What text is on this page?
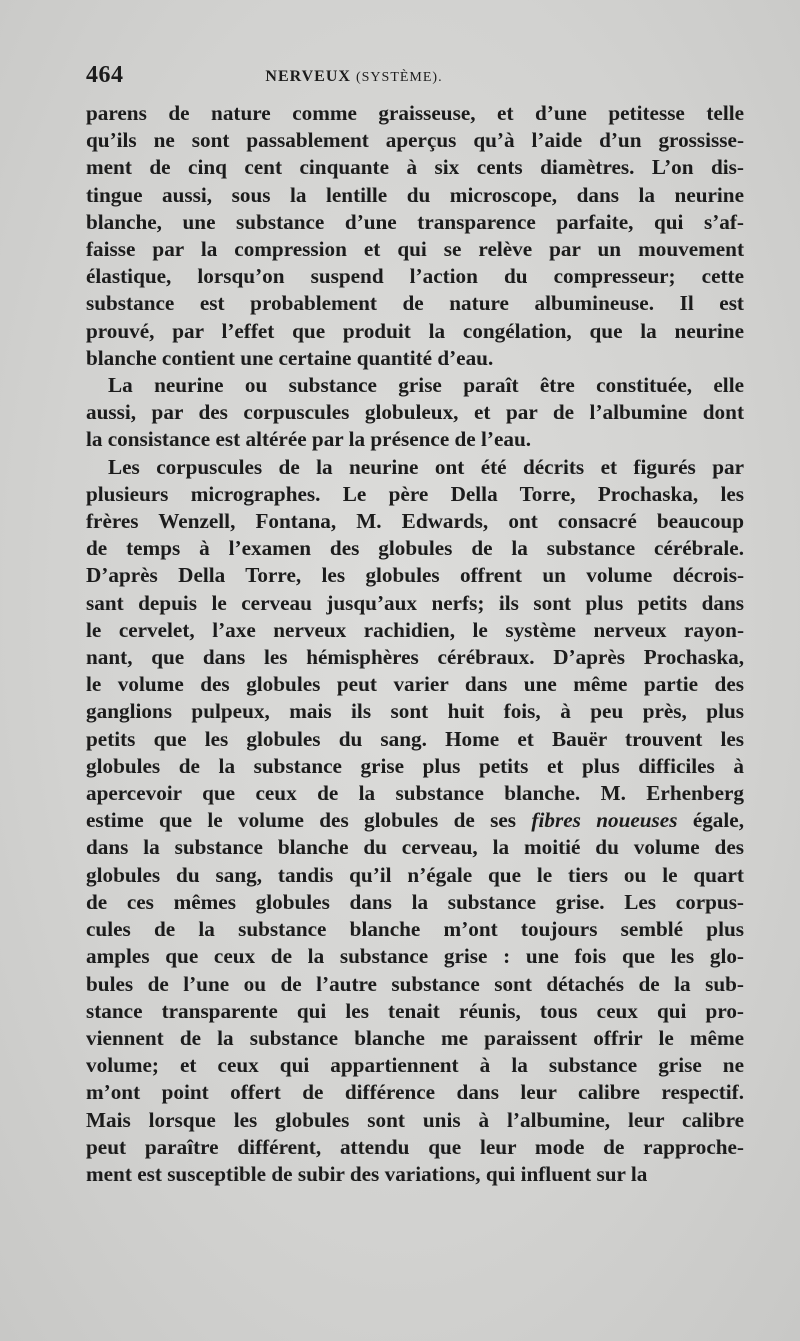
464	NERVEUX (SYSTÈME).

parens de nature comme graisseuse, et d’une petitesse telle
qu’ils ne sont passablement aperçus qu’à l’aide d’un grossisse-
ment de cinq cent cinquante à six cents diamètres. L’on dis-
tingue aussi, sous la lentille du microscope, dans la neurine
blanche, une substance d’une transparence parfaite, qui s’af-
faisse par la compression et qui se relève par un mouvement
élastique, lorsqu’on suspend l’action du compresseur; cette
substance est probablement de nature albumineuse. Il est
prouvé, par l’effet que produit la congélation, que la neurine
blanche contient une certaine quantité d’eau.

La neurine ou substance grise paraît être constituée, elle
aussi, par des corpuscules globuleux, et par de l’albumine dont
la consistance est altérée par la présence de l’eau.

Les corpuscules de la neurine ont été décrits et figurés par
plusieurs micrographes. Le père Della Torre, Prochaska, les
frères Wenzell, Fontana, M. Edwards, ont consacré beaucoup
de temps à l’examen des globules de la substance cérébrale.
D’après Della Torre, les globules offrent un volume décrois-
sant depuis le cerveau jusqu’aux nerfs; ils sont plus petits dans
le cervelet, l’axe nerveux rachidien, le système nerveux rayon-
nant, que dans les hémisphères cérébraux. D’après Prochaska,
le volume des globules peut varier dans une même partie des
ganglions pulpeux, mais ils sont huit fois, à peu près, plus
petits que les globules du sang. Home et Bauër trouvent les
globules de la substance grise plus petits et plus difficiles à
apercevoir que ceux de la substance blanche. M. Erhenberg
estime que le volume des globules de ses fibres noueuses égale,
dans la substance blanche du cerveau, la moitié du volume des
globules du sang, tandis qu’il n’égale que le tiers ou le quart
de ces mêmes globules dans la substance grise. Les corpus-
cules de la substance blanche m’ont toujours semblé plus
amples que ceux de la substance grise : une fois que les glo-
bules de l’une ou de l’autre substance sont détachés de la sub-
stance transparente qui les tenait réunis, tous ceux qui pro-
viennent de la substance blanche me paraissent offrir le même
volume; et ceux qui appartiennent à la substance grise ne
m’ont point offert de différence dans leur calibre respectif.
Mais lorsque les globules sont unis à l’albumine, leur calibre
peut paraître différent, attendu que leur mode de rapproche-
ment est susceptible de subir des variations, qui influent sur la
